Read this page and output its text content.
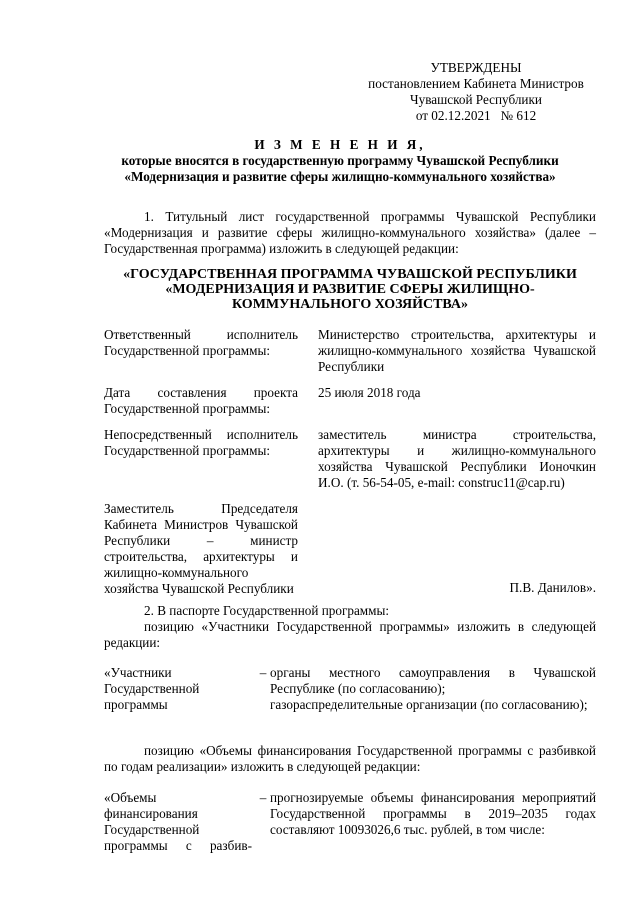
УТВЕРЖДЕНЫ
постановлением Кабинета Министров
Чувашской Республики
от 02.12.2021   № 612
И З М Е Н Е Н И Я,
которые вносятся в государственную программу Чувашской Республики
«Модернизация и развитие сферы жилищно-коммунального хозяйства»
1. Титульный лист государственной программы Чувашской Республики «Модернизация и развитие сферы жилищно-коммунального хозяйства» (далее – Государственная программа) изложить в следующей редакции:
«ГОСУДАРСТВЕННАЯ ПРОГРАММА ЧУВАШСКОЙ РЕСПУБЛИКИ
«МОДЕРНИЗАЦИЯ И РАЗВИТИЕ СФЕРЫ ЖИЛИЩНО-
КОММУНАЛЬНОГО ХОЗЯЙСТВА»
Ответственный исполнитель Государственной программы:
Министерство строительства, архитектуры и жилищно-коммунального хозяйства Чувашской Республики
Дата составления проекта Государственной программы:
25 июля 2018 года
Непосредственный исполнитель Государственной программы:
заместитель министра строительства, архитектуры и жилищно-коммунального хозяйства Чувашской Республики Ионочкин И.О. (т. 56-54-05, e-mail: construc11@cap.ru)
Заместитель Председателя Кабинета Министров Чувашской Республики – министр строительства, архитектуры и жилищно-коммунального хозяйства Чувашской Республики	П.В. Данилов».
2. В паспорте Государственной программы:
позицию «Участники Государственной программы» изложить в следующей редакции:
«Участники Государственной программы
– органы местного самоуправления в Чувашской Республике (по согласованию);
газораспределительные организации (по согласованию);
позицию «Объемы финансирования Государственной программы с разбивкой по годам реализации» изложить в следующей редакции:
«Объемы финансирования Государственной программы с разбив-
– прогнозируемые объемы финансирования мероприятий Государственной программы в 2019–2035 годах составляют 10093026,6 тыс. рублей, в том числе:
